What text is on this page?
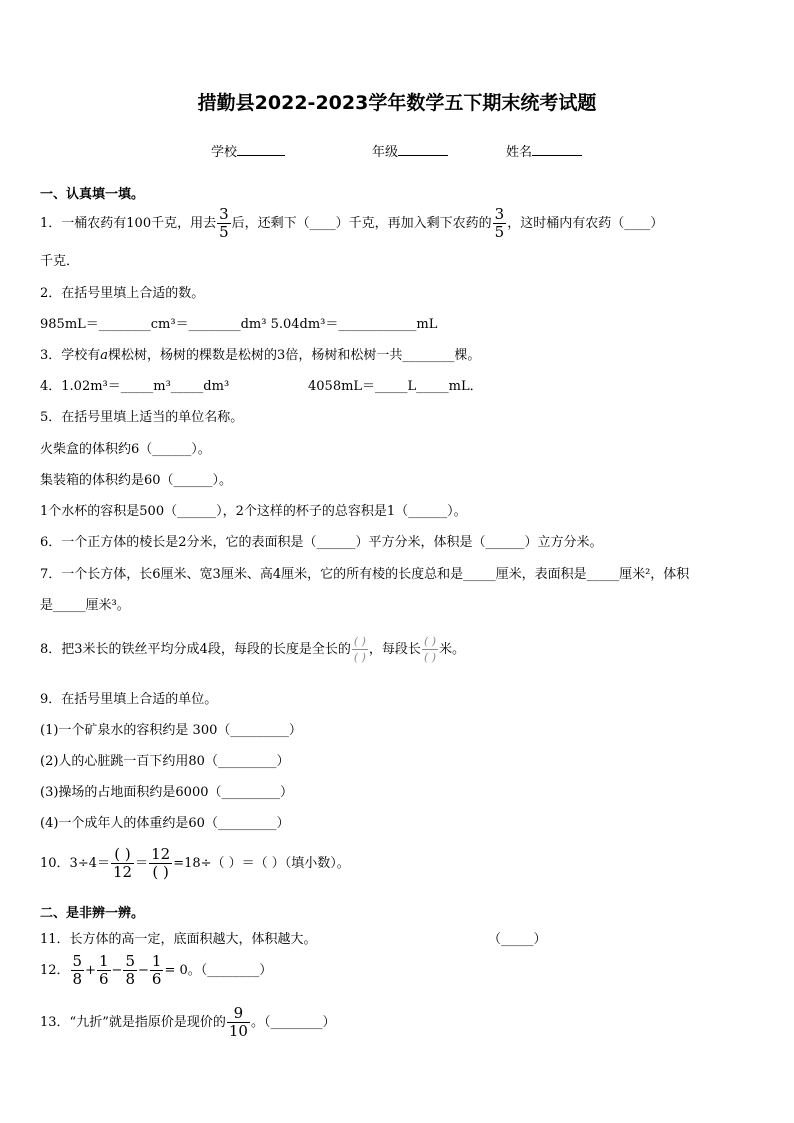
措勤县2022-2023学年数学五下期末统考试题
学校	年级	姓名
一、认真填一填。
1．一桶农药有100千克，用去 $\frac{3}{5}$ 后，还剩下（____）千克，再加入剩下农药的 $\frac{3}{5}$ ，这时桶内有农药（____）
千克．
2．在括号里填上合适的数。
985mL＝________cm³＝________dm³ 5.04dm³＝____________mL
3．学校有a棵松树，杨树的棵数是松树的3倍，杨树和松树一共________棵。
4．1.02m³＝_____m³_____dm³	4058mL＝_____L_____mL．
5．在括号里填上适当的单位名称。
火柴盒的体积约6（______）。
集装箱的体积约是60（______）。
1个水杯的容积是500（______），2个这样的杯子的总容积是1（______）。
6．一个正方体的棱长是2分米，它的表面积是（______）平方分米，体积是（______）立方分米。
7．一个长方体，长6厘米、宽3厘米、高4厘米，它的所有棱的长度总和是_____厘米，表面积是_____厘米²，体积
是_____厘米³。
8．把3米长的铁丝平均分成4段，每段的长度是全长的 $\frac{( )}{( )}$ ，每段长 $\frac{( )}{( )}$ 米。
9．在括号里填上合适的单位。
(1)一个矿泉水的容积约是 300（_________）
(2)人的心脏跳一百下约用80（_________）
(3)操场的占地面积约是6000（_________）
(4)一个成年人的体重约是60（_________）
10．$3\div 4= \frac{( )}{12} = \frac{12}{( )} =18\div$（ ）＝（ ）（填小数）。
二、是非辨一辨。
11．长方体的高一定，底面积越大，体积越大。	（_____）
12． $\frac{5}{8} + \frac{1}{6} - \frac{5}{8} - \frac{1}{6} = 0$。（________）
13．“九折”就是指原价是现价的 $\frac{9}{10}$ 。（________）
